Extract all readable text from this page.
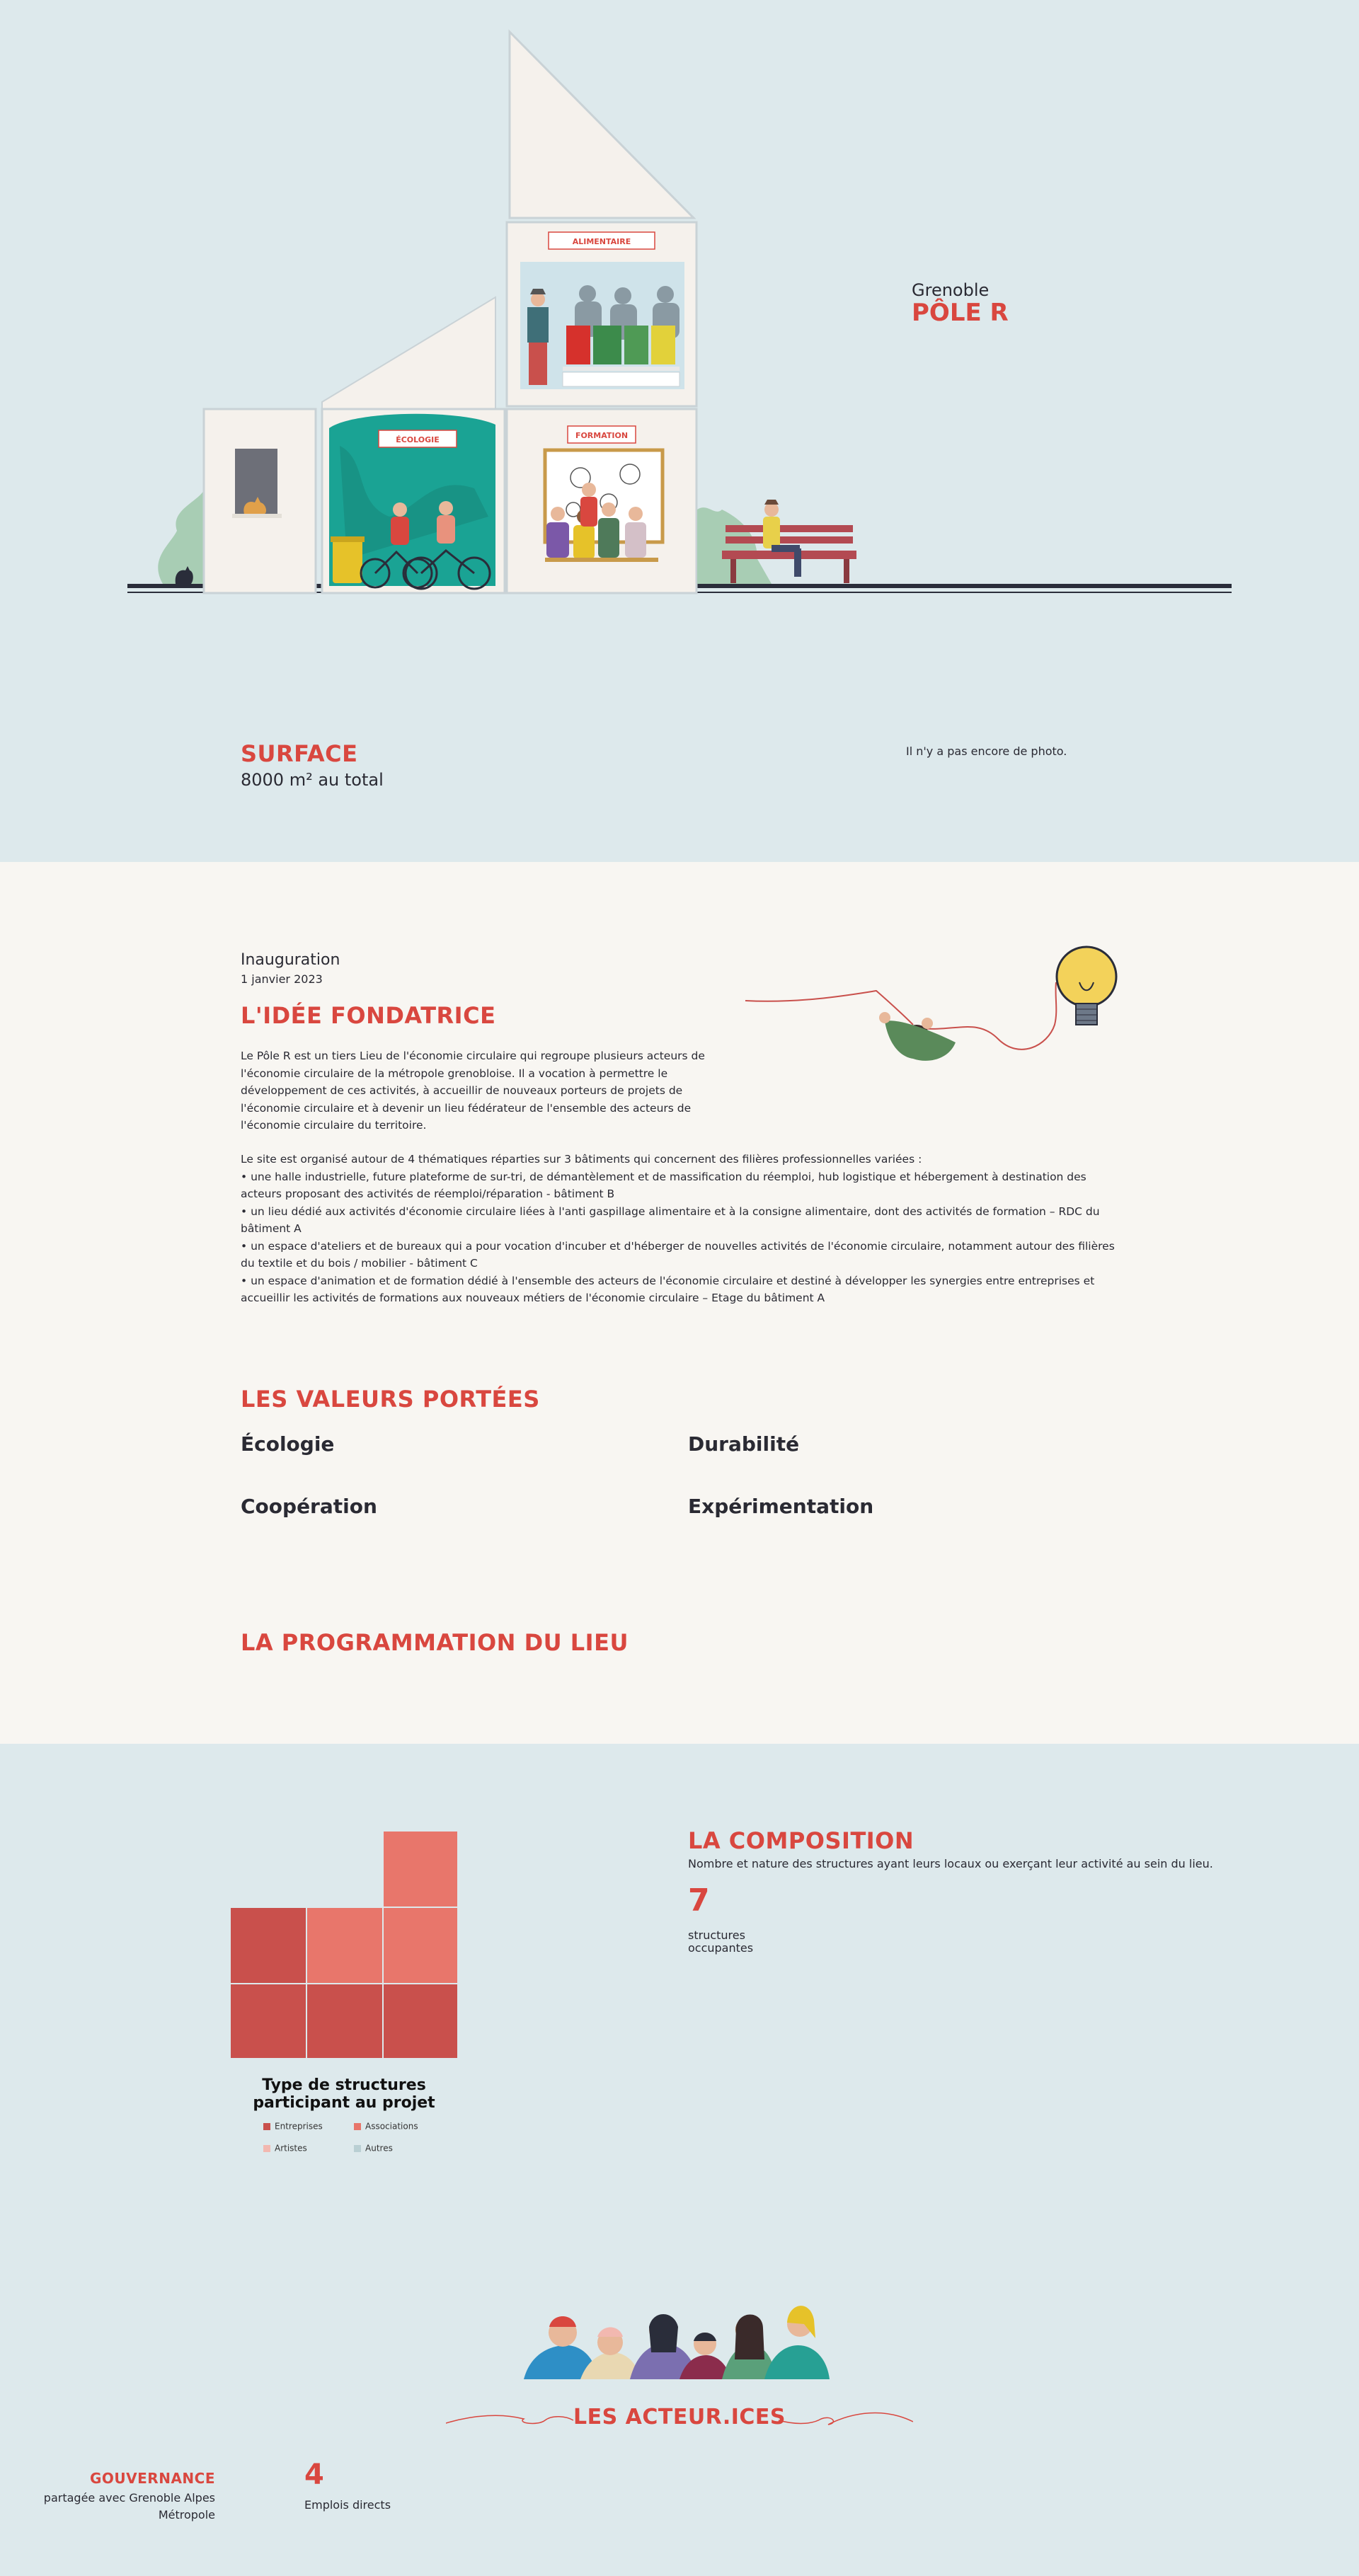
ALIMENTAIRE
ÉCOLOGIE	FORMATION
Grenoble
PÔLE R
SURFACE
8000 m² au total
Il n'y a pas encore de photo.
Inauguration
1 janvier 2023
L'IDÉE FONDATRICE
Le Pôle R est un tiers Lieu de l'économie circulaire qui regroupe plusieurs acteurs de l'économie circulaire de la métropole grenobloise. Il a vocation à permettre le développement de ces activités, à accueillir de nouveaux porteurs de projets de l'économie circulaire et à devenir un lieu fédérateur de l'ensemble des acteurs de l'économie circulaire du territoire.
Le site est organisé autour de 4 thématiques réparties sur 3 bâtiments qui concernent des filières professionnelles variées :
• une halle industrielle, future plateforme de sur-tri, de démantèlement et de massification du réemploi, hub logistique et hébergement à destination des acteurs proposant des activités de réemploi/réparation - bâtiment B
• un lieu dédié aux activités d'économie circulaire liées à l'anti gaspillage alimentaire et à la consigne alimentaire, dont des activités de formation – RDC du bâtiment A
• un espace d'ateliers et de bureaux qui a pour vocation d'incuber et d'héberger de nouvelles activités de l'économie circulaire, notamment autour des filières du textile et du bois / mobilier - bâtiment C
• un espace d'animation et de formation dédié à l'ensemble des acteurs de l'économie circulaire et destiné à développer les synergies entre entreprises et accueillir les activités de formations aux nouveaux métiers de l'économie circulaire – Etage du bâtiment A
LES VALEURS PORTÉES
Écologie	Durabilité
Coopération	Expérimentation
LA PROGRAMMATION DU LIEU
Type de structures
participant au projet
Entreprises	Associations
Artistes	Autres
LA COMPOSITION
Nombre et nature des structures ayant leurs locaux ou exerçant leur activité au sein du lieu.
7
structures
occupantes
LES ACTEUR.ICES
GOUVERNANCE
partagée avec Grenoble Alpes
Métropole
4
Emplois directs
